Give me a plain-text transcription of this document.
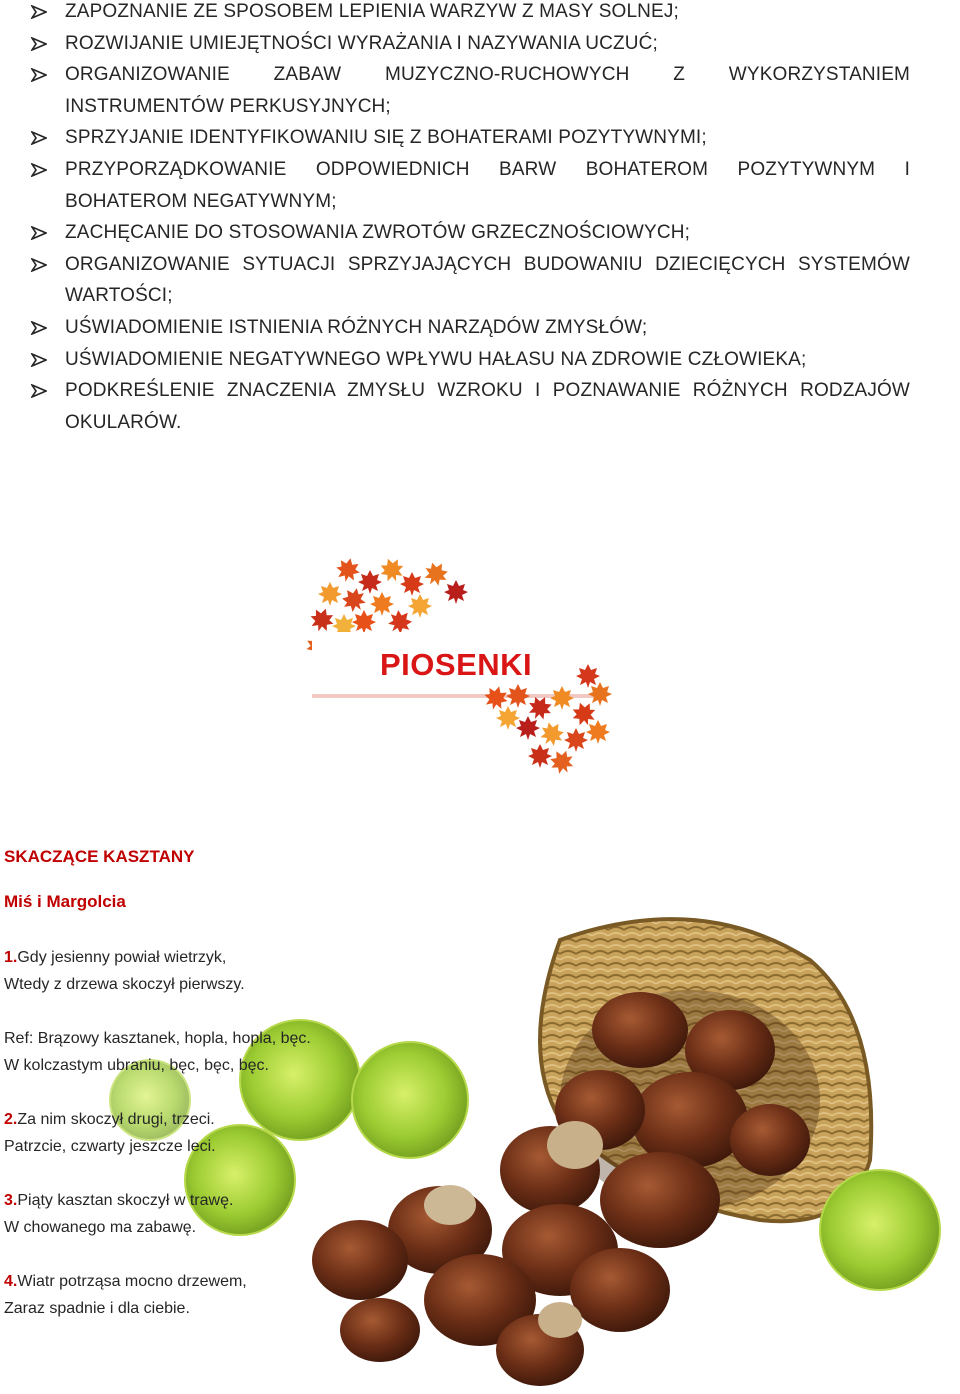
ZAPOZNANIE ZE SPOSOBEM LEPIENIA WARZYW Z MASY SOLNEJ;
ROZWIJANIE UMIEJĘTNOŚCI WYRAŻANIA I NAZYWANIA UCZUĆ;
ORGANIZOWANIE ZABAW MUZYCZNO-RUCHOWYCH Z WYKORZYSTANIEM INSTRUMENTÓW PERKUSYJNYCH;
SPRZYJANIE IDENTYFIKOWANIU SIĘ Z BOHATERAMI POZYTYWNYMI;
PRZYPORZĄDKOWANIE ODPOWIEDNICH BARW BOHATEROM POZYTYWNYM I BOHATEROM NEGATYWNYM;
ZACHĘCANIE DO STOSOWANIA ZWROTÓW GRZECZNOŚCIOWYCH;
ORGANIZOWANIE SYTUACJI SPRZYJAJĄCYCH BUDOWANIU DZIECIĘCYCH SYSTEMÓW WARTOŚCI;
UŚWIADOMIENIE ISTNIENIA RÓŻNYCH NARZĄDÓW ZMYSŁÓW;
UŚWIADOMIENIE NEGATYWNEGO WPŁYWU HAŁASU NA ZDROWIE CZŁOWIEKA;
PODKREŚLENIE ZNACZENIA ZMYSŁU WZROKU I POZNAWANIE RÓŻNYCH RODZAJÓW OKULARÓW.
PIOSENKI
SKACZĄCE KASZTANY
Miś i Margolcia
1.Gdy jesienny powiał wietrzyk,
Wtedy z drzewa skoczył pierwszy.
Ref: Brązowy kasztanek, hopla, hopla, bęc.
W kolczastym ubraniu, bęc, bęc, bęc.
2.Za nim skoczył drugi, trzeci.
Patrzcie, czwarty jeszcze leci.
3.Piąty kasztan skoczył w trawę.
W chowanego ma zabawę.
4.Wiatr potrząsa mocno drzewem,
Zaraz spadnie i dla ciebie.
